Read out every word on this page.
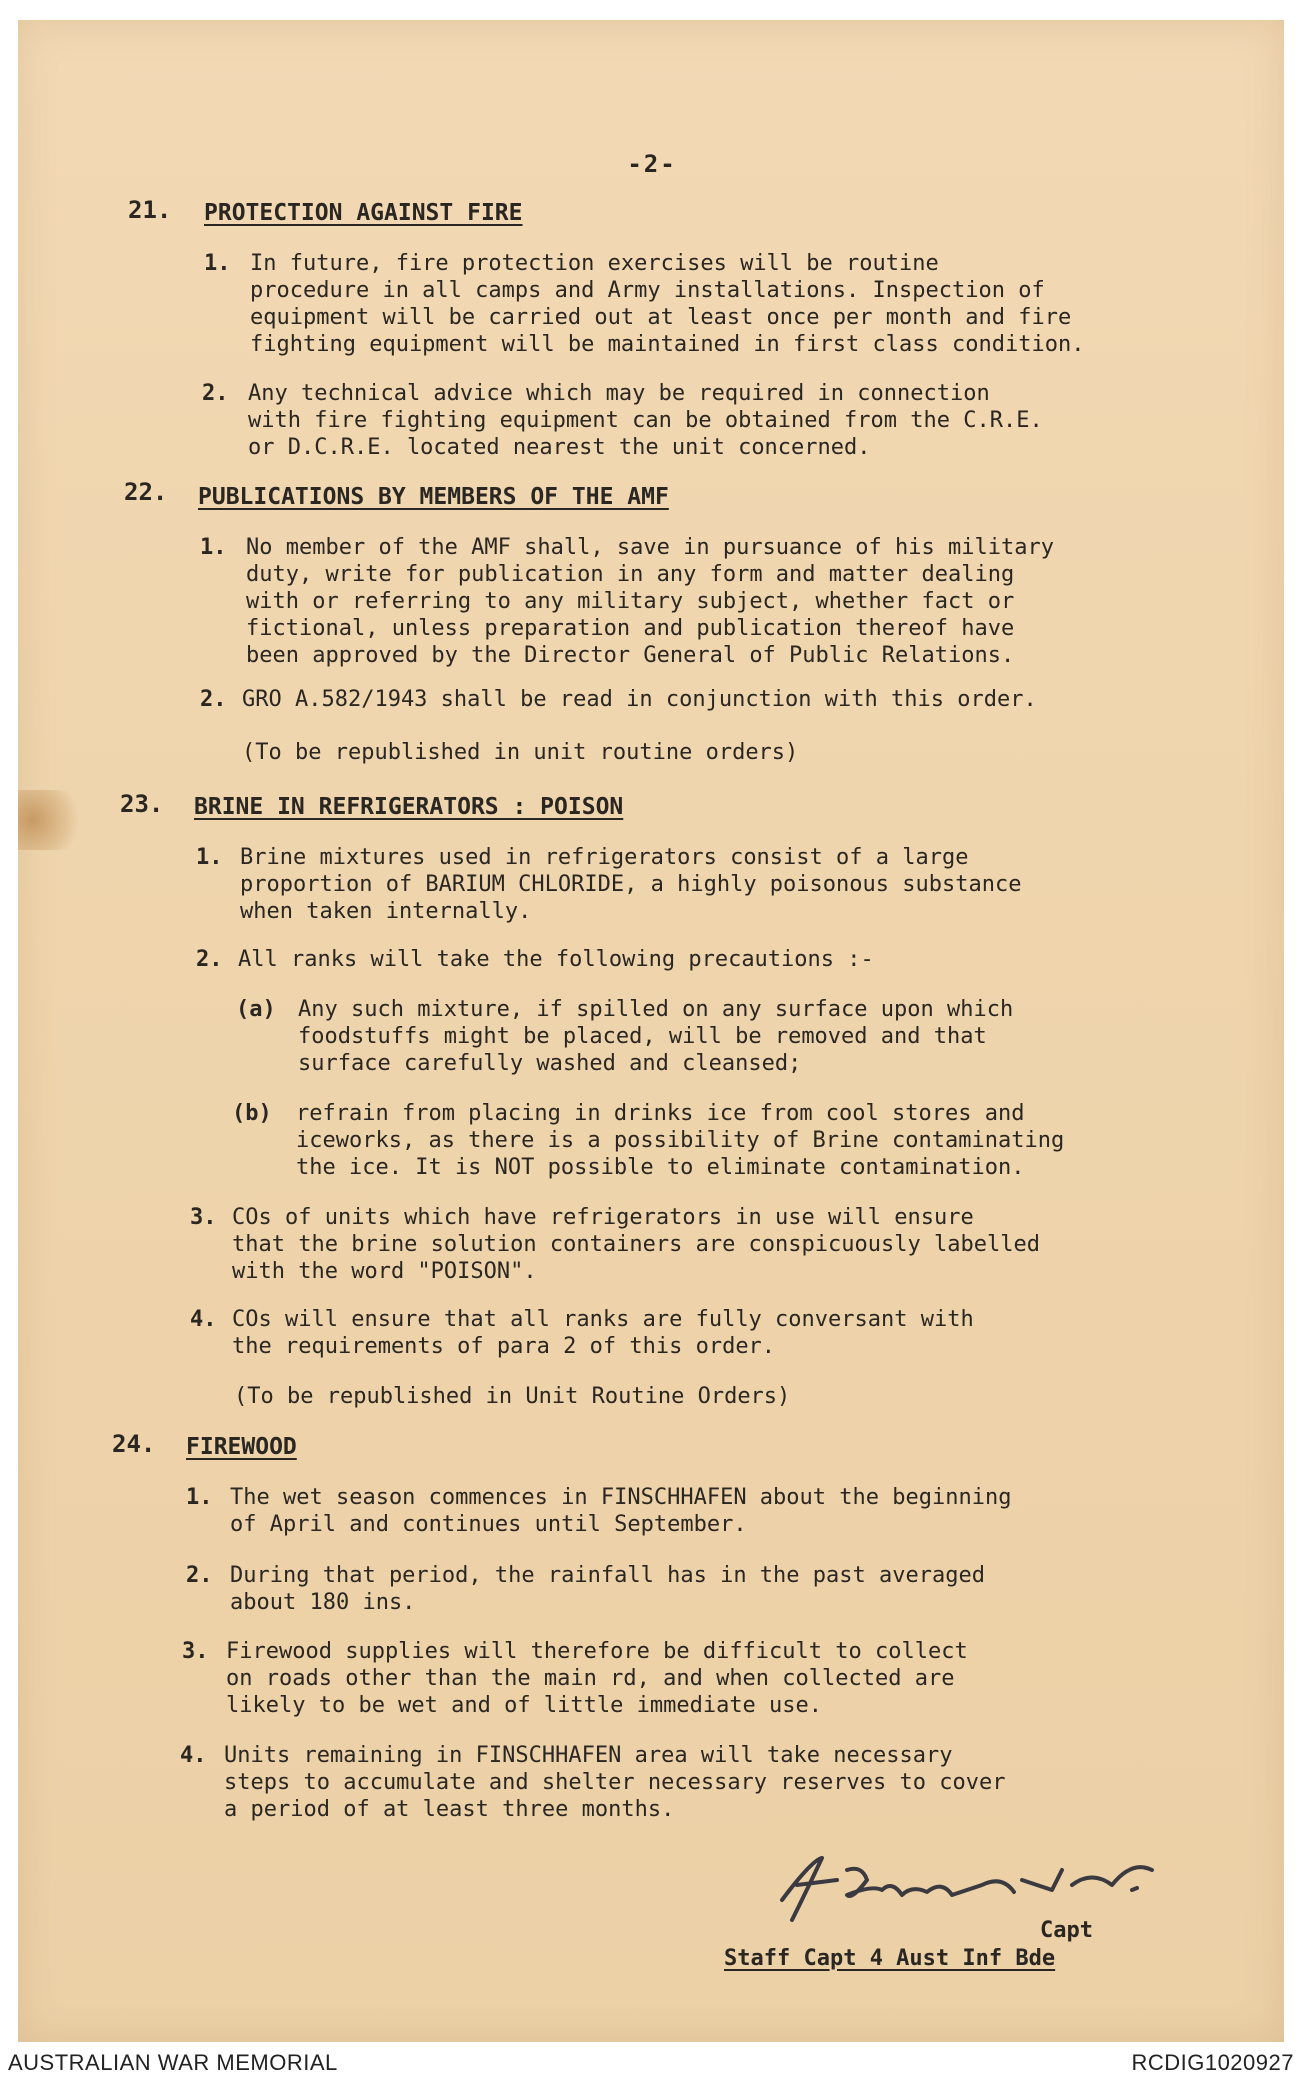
-2-
21. PROTECTION AGAINST FIRE
1. In future, fire protection exercises will be routine
procedure in all camps and Army installations. Inspection of
equipment will be carried out at least once per month and fire
fighting equipment will be maintained in first class condition.
2. Any technical advice which may be required in connection
with fire fighting equipment can be obtained from the C.R.E.
or D.C.R.E. located nearest the unit concerned.
22. PUBLICATIONS BY MEMBERS OF THE AMF
1. No member of the AMF shall, save in pursuance of his military
duty, write for publication in any form and matter dealing
with or referring to any military subject, whether fact or
fictional, unless preparation and publication thereof have
been approved by the Director General of Public Relations.
2. GRO A.582/1943 shall be read in conjunction with this order.
(To be republished in unit routine orders)
23. BRINE IN REFRIGERATORS : POISON
1. Brine mixtures used in refrigerators consist of a large
proportion of BARIUM CHLORIDE, a highly poisonous substance
when taken internally.
2. All ranks will take the following precautions :-
(a) Any such mixture, if spilled on any surface upon which
foodstuffs might be placed, will be removed and that
surface carefully washed and cleansed;
(b) refrain from placing in drinks ice from cool stores and
iceworks, as there is a possibility of Brine contaminating
the ice. It is NOT possible to eliminate contamination.
3. COs of units which have refrigerators in use will ensure
that the brine solution containers are conspicuously labelled
with the word "POISON".
4. COs will ensure that all ranks are fully conversant with
the requirements of para 2 of this order.
(To be republished in Unit Routine Orders)
24. FIREWOOD
1. The wet season commences in FINSCHHAFEN about the beginning
of April and continues until September.
2. During that period, the rainfall has in the past averaged
about 180 ins.
3. Firewood supplies will therefore be difficult to collect
on roads other than the main rd, and when collected are
likely to be wet and of little immediate use.
4. Units remaining in FINSCHHAFEN area will take necessary
steps to accumulate and shelter necessary reserves to cover
a period of at least three months.
Capt
Staff Capt 4 Aust Inf Bde
AUSTRALIAN WAR MEMORIAL	RCDIG1020927
